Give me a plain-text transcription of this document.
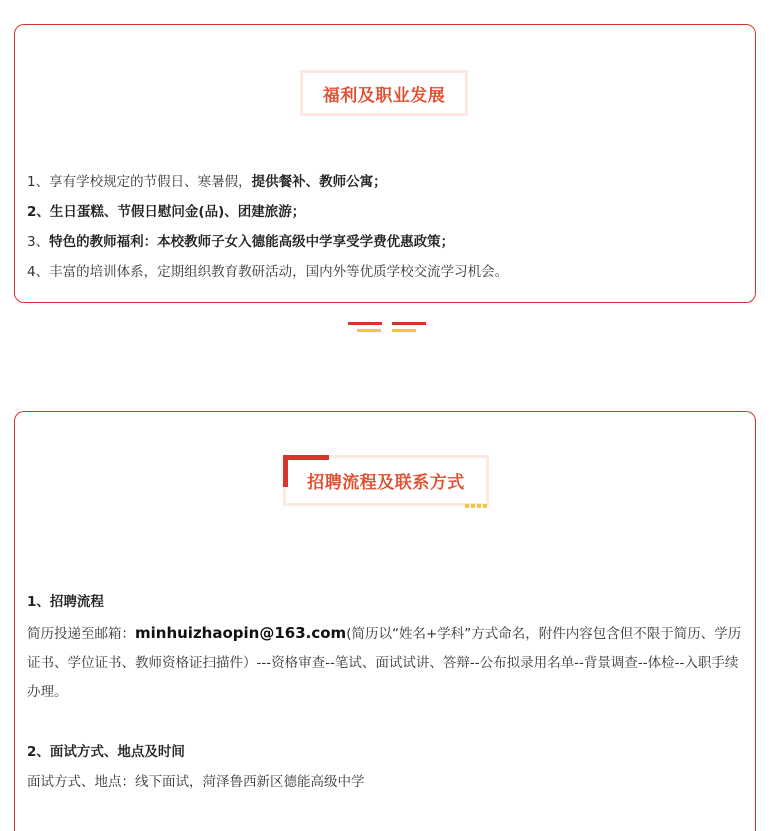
福利及职业发展
1、享有学校规定的节假日、寒暑假，提供餐补、教师公寓；
2、生日蛋糕、节假日慰问金(品)、团建旅游；
3、特色的教师福利：本校教师子女入德能高级中学享受学费优惠政策；
4、丰富的培训体系，定期组织教育教研活动，国内外等优质学校交流学习机会。
招聘流程及联系方式
1、招聘流程
简历投递至邮箱：minhuizhaopin@163.com(简历以“姓名+学科”方式命名，附件内容包含但不限于简历、学历证书、学位证书、教师资格证扫描件）---资格审查--笔试、面试试讲、答辩--公布拟录用名单--背景调查--体检--入职手续办理。
2、面试方式、地点及时间
面试方式、地点：线下面试，菏泽鲁西新区德能高级中学
